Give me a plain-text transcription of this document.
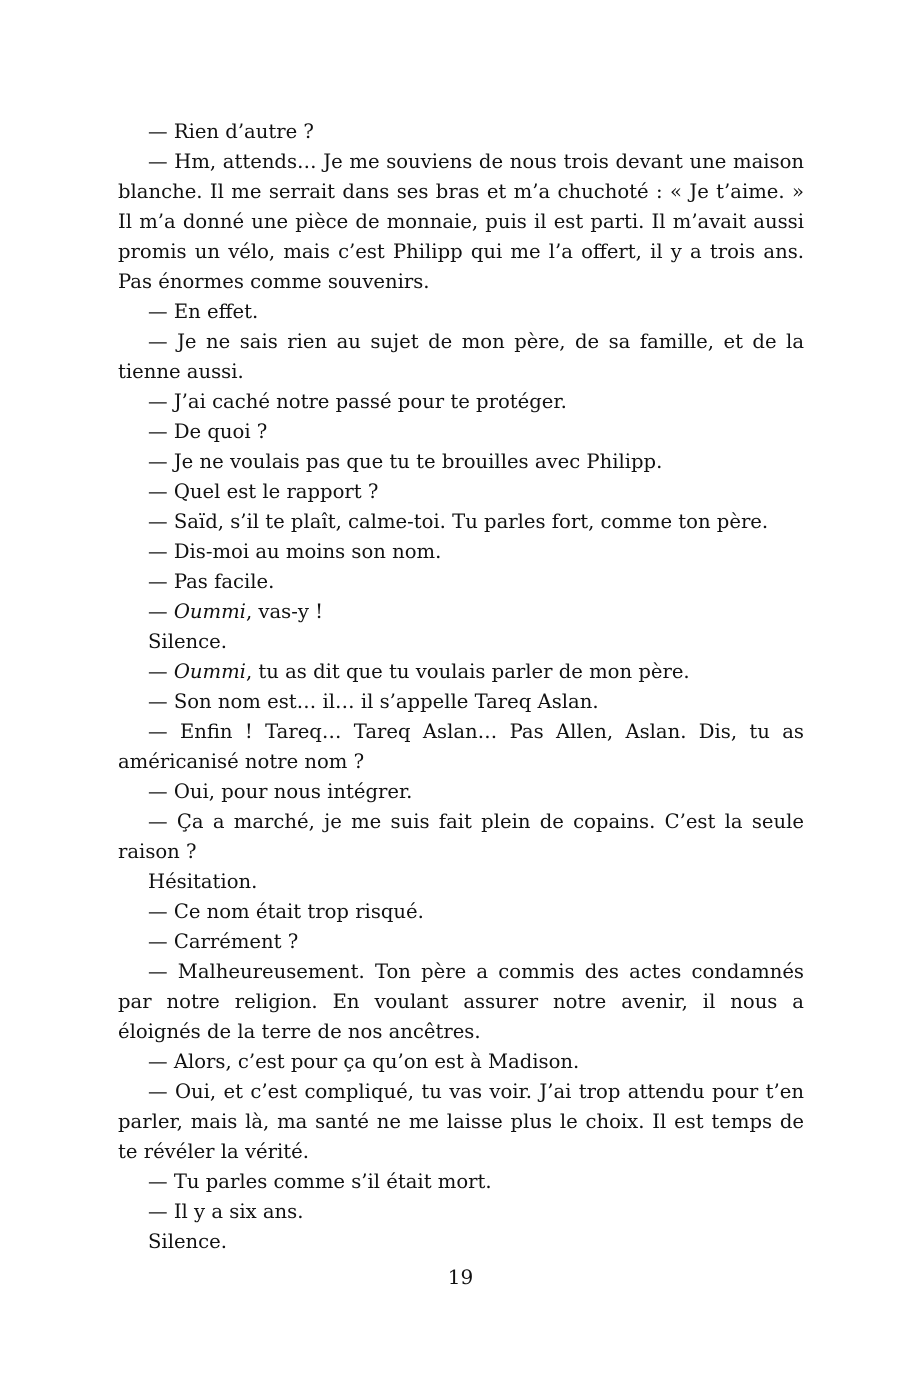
— Rien d’autre ?

— Hm, attends… Je me souviens de nous trois devant une maison blanche. Il me serrait dans ses bras et m’a chuchoté : « Je t’aime. » Il m’a donné une pièce de monnaie, puis il est parti. Il m’avait aussi promis un vélo, mais c’est Philipp qui me l’a offert, il y a trois ans. Pas énormes comme souvenirs.

— En effet.

— Je ne sais rien au sujet de mon père, de sa famille, et de la tienne aussi.

— J’ai caché notre passé pour te protéger.

— De quoi ?

— Je ne voulais pas que tu te brouilles avec Philipp.

— Quel est le rapport ?

— Saïd, s’il te plaît, calme-toi. Tu parles fort, comme ton père.

— Dis-moi au moins son nom.

— Pas facile.

— Oummi, vas-y !

Silence.

— Oummi, tu as dit que tu voulais parler de mon père.

— Son nom est… il… il s’appelle Tareq Aslan.

— Enfin ! Tareq… Tareq Aslan… Pas Allen, Aslan. Dis, tu as américanisé notre nom ?

— Oui, pour nous intégrer.

— Ça a marché, je me suis fait plein de copains. C’est la seule raison ?

Hésitation.

— Ce nom était trop risqué.

— Carrément ?

— Malheureusement. Ton père a commis des actes condamnés par notre religion. En voulant assurer notre avenir, il nous a éloignés de la terre de nos ancêtres.

— Alors, c’est pour ça qu’on est à Madison.

— Oui, et c’est compliqué, tu vas voir. J’ai trop attendu pour t’en parler, mais là, ma santé ne me laisse plus le choix. Il est temps de te révéler la vérité.

— Tu parles comme s’il était mort.

— Il y a six ans.

Silence.

19
